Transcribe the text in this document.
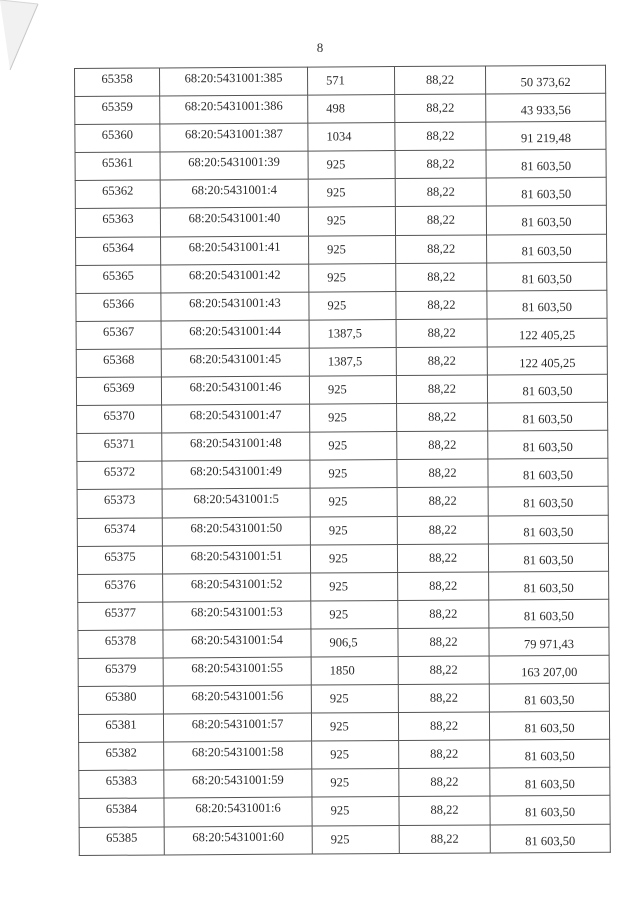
8
65358	68:20:5431001:385	571	88,22	50 373,62

65359	68:20:5431001:386	498	88,22	43 933,56

65360	68:20:5431001:387	1034	88,22	91 219,48

65361	68:20:5431001:39	925	88,22	81 603,50

65362	68:20:5431001:4	925	88,22	81 603,50

65363	68:20:5431001:40	925	88,22	81 603,50

65364	68:20:5431001:41	925	88,22	81 603,50

65365	68:20:5431001:42	925	88,22	81 603,50

65366	68:20:5431001:43	925	88,22	81 603,50

65367	68:20:5431001:44	1387,5	88,22	122 405,25

65368	68:20:5431001:45	1387,5	88,22	122 405,25

65369	68:20:5431001:46	925	88,22	81 603,50

65370	68:20:5431001:47	925	88,22	81 603,50

65371	68:20:5431001:48	925	88,22	81 603,50

65372	68:20:5431001:49	925	88,22	81 603,50

65373	68:20:5431001:5	925	88,22	81 603,50

65374	68:20:5431001:50	925	88,22	81 603,50

65375	68:20:5431001:51	925	88,22	81 603,50

65376	68:20:5431001:52	925	88,22	81 603,50

65377	68:20:5431001:53	925	88,22	81 603,50

65378	68:20:5431001:54	906,5	88,22	79 971,43

65379	68:20:5431001:55	1850	88,22	163 207,00

65380	68:20:5431001:56	925	88,22	81 603,50

65381	68:20:5431001:57	925	88,22	81 603,50

65382	68:20:5431001:58	925	88,22	81 603,50

65383	68:20:5431001:59	925	88,22	81 603,50

65384	68:20:5431001:6	925	88,22	81 603,50

65385	68:20:5431001:60	925	88,22	81 603,50
